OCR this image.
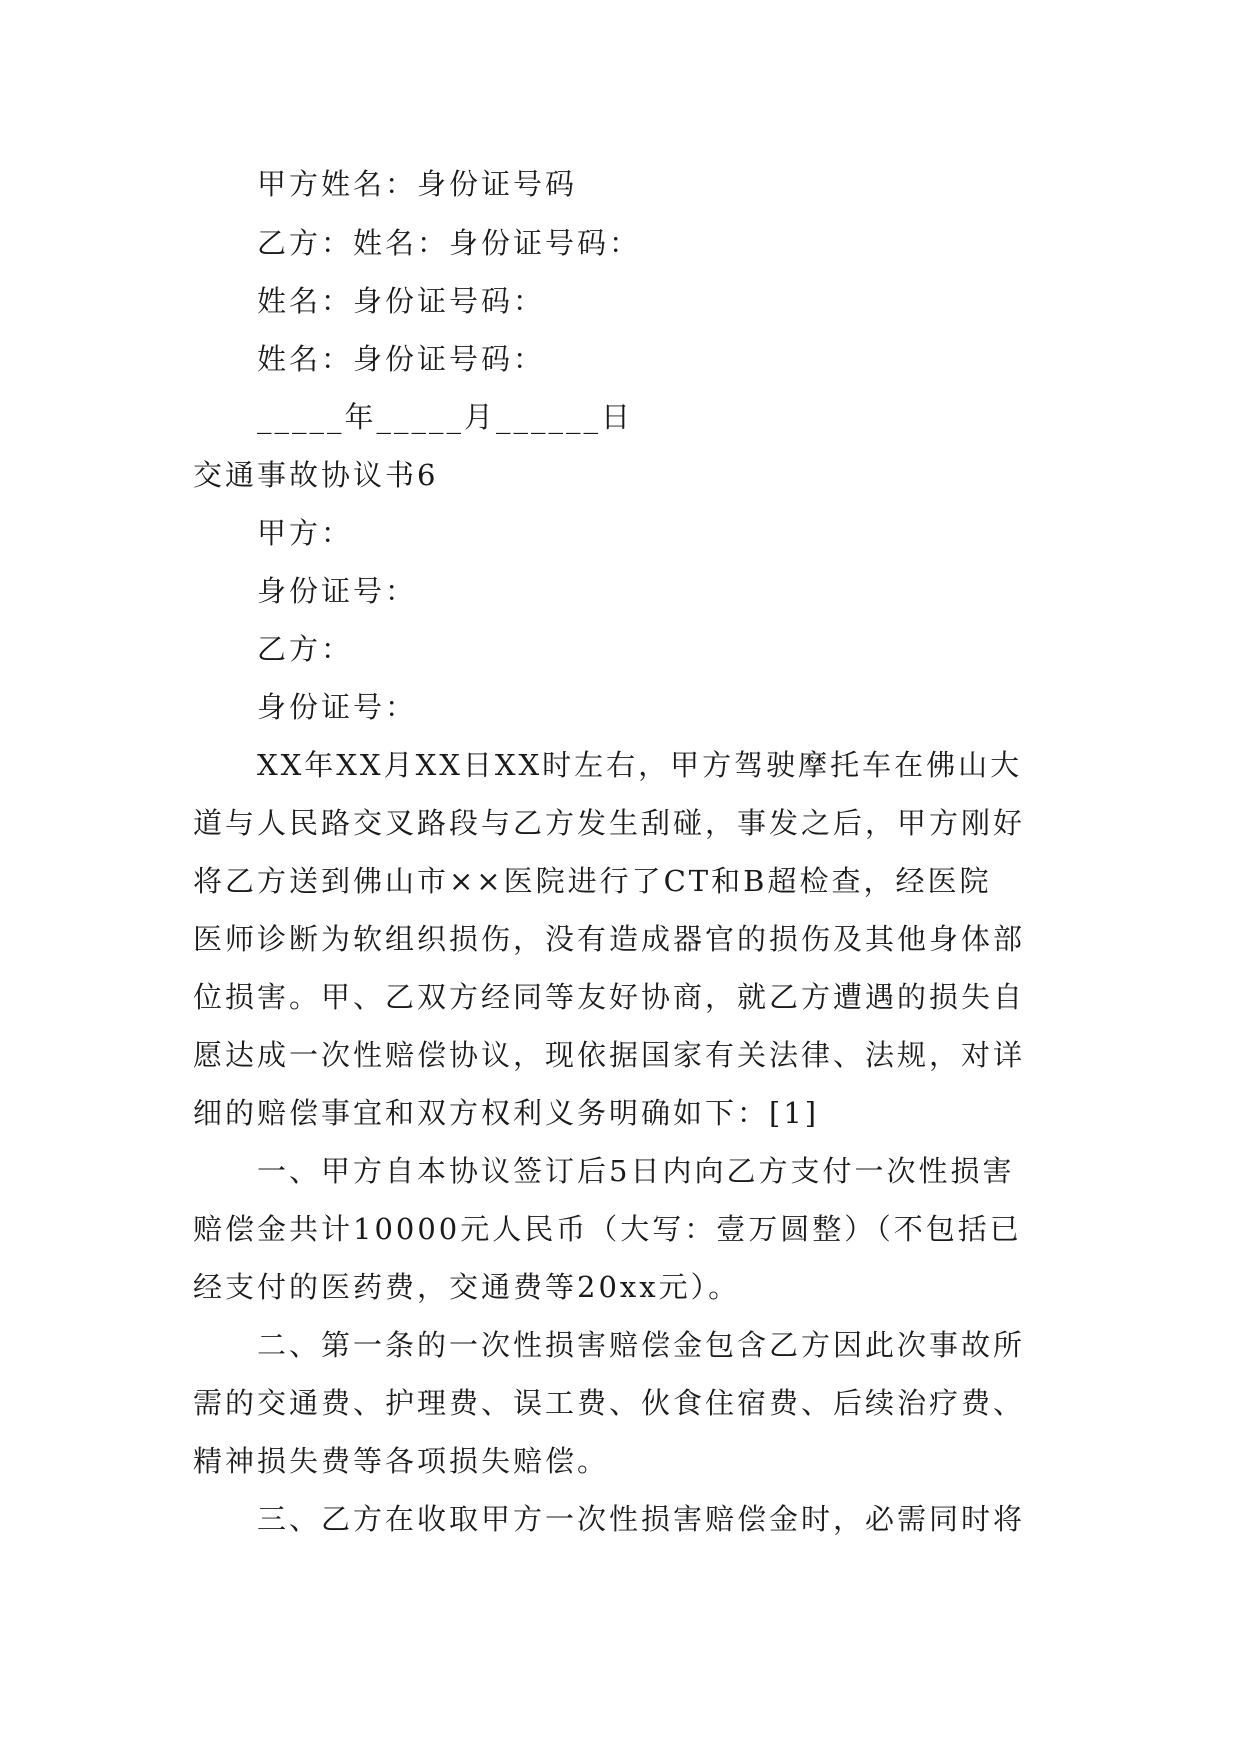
甲方姓名：身份证号码
乙方：姓名：身份证号码：
姓名：身份证号码：
姓名：身份证号码：
_____年_____月______日
交通事故协议书6
甲方：
身份证号：
乙方：
身份证号：
XX年XX月XX日XX时左右，甲方驾驶摩托车在佛山大
道与人民路交叉路段与乙方发生刮碰，事发之后，甲方刚好
将乙方送到佛山市××医院进行了CT和B超检查，经医院
医师诊断为软组织损伤，没有造成器官的损伤及其他身体部
位损害。甲、乙双方经同等友好协商，就乙方遭遇的损失自
愿达成一次性赔偿协议，现依据国家有关法律、法规，对详
细的赔偿事宜和双方权利义务明确如下：[1]
一、甲方自本协议签订后5日内向乙方支付一次性损害
赔偿金共计10000元人民币（大写：壹万圆整）（不包括已
经支付的医药费，交通费等20xx元）。
二、第一条的一次性损害赔偿金包含乙方因此次事故所
需的交通费、护理费、误工费、伙食住宿费、后续治疗费、
精神损失费等各项损失赔偿。
三、乙方在收取甲方一次性损害赔偿金时，必需同时将
